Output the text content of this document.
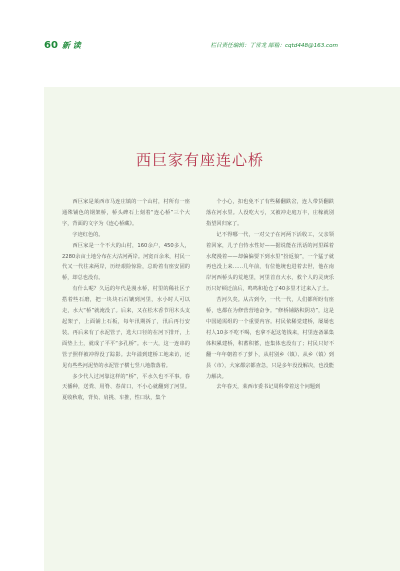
60 新 读	栏目责任编辑：丁常龙 邮箱：cqtd448@163.com
西巨家有座连心桥

西巨家是莱西市马连庄镇的一个山村，村所有一座通殊铺色的钢架桥，桥头碑石上刻着“连心桥”三个大字，背面的文字为《连心桥藏》。

字迹红色的。

西巨家是一个不大的山村，160余户，450多人，2280余亩土地分布在大沽河两岸。河宽百余米，村民一代又一代往来两岸，历经艰险惊险，总盼着有座安固的桥，却总也没有。

有什么呢？久远的年代是漫水桥，村里的稀社区子搭着些石磨，把一块块石石镶到河里，水小时人可以走，水大“桥”就淹没了。后来，又在松木香节用木头支起架子，上面铺上石板，每年汛期拆了，汛后再行安装。再后来有了水泥管子，选大口径的在河下排开，上面垫上土，就成了平平“多孔桥”。水一大，这一连串的管子照样被冲得没了踪影。去年溢到建桥工地来访，还见有些些河泥垫的水泥管子横七竖八地散落着。

多少代人过河靠这样的“桥”，平水久也不平事。春天播种，送粪、用脊、春苗口，不小心就翻到了河里。夏收秋收，背负、肩挑、车推，性口驮，集个

个小心，扣也免不了有些稀翻跌岔，连人带货翻跌落在河水里。人没吃大亏，又被冲走庭万丰，庄稼就别指望回归家了。

记不得哪一代，一对父子在河两下活收工，父亲领着回家，儿子自恃水性好——据说能在汛话的河里踩着水爬漫着——却偏偏要下到水里“扮返狼”，一个猛子就再也没上来……几年前，有位他统也进着去世，他在南岸河西桥头的荒地里，河里首直大水，救个人的灵庚乐历只好顿迁前后，鸣鸣和抢仓了40多里才过来入了土。

苦河久矣。从古到今，一代一代，人们都所盼有座桥，也都在为修营营地奋争。“修桥铺路积阴功”，这是中国通需组的一个重要内容。村民依稀觉建桥，屡屡也村人10多不吃不喝，也拿不起这笔钱来，村里连备暴集体积累建桥，积蓄积蓄，连集体也没有了；村民只好不翻一年年朝着不了萝卜，从村别乡（镇）、从乡（镇）到县（市），大家都宗都查急，只是多年没没解决，也没能力解决。

去年春天，莱西市委书记周科带着这个问题到
